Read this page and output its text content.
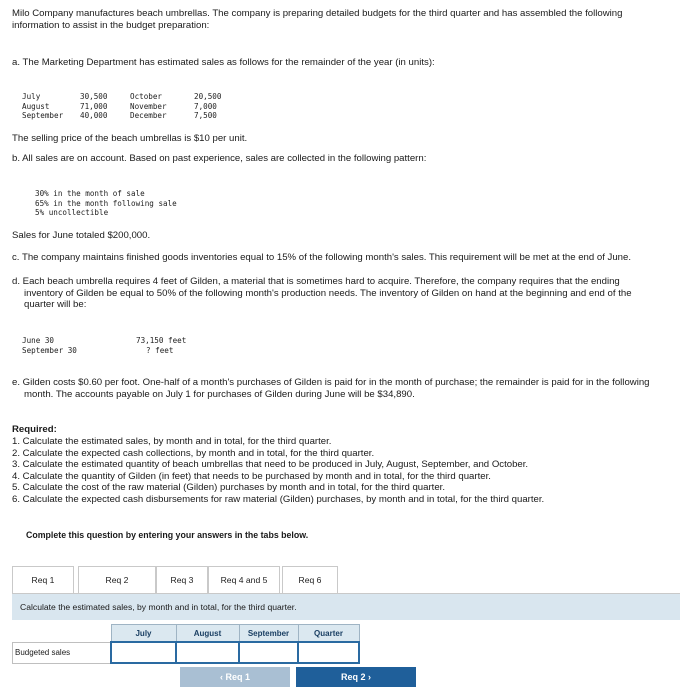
Milo Company manufactures beach umbrellas. The company is preparing detailed budgets for the third quarter and has assembled the following information to assist in the budget preparation:
a. The Marketing Department has estimated sales as follows for the remainder of the year (in units):
July	30,500
August	71,000
September 40,000
October	20,500
November	7,000
December	7,500
The selling price of the beach umbrellas is $10 per unit.
b. All sales are on account. Based on past experience, sales are collected in the following pattern:
30% in the month of sale
65% in the month following sale
5% uncollectible
Sales for June totaled $200,000.
c. The company maintains finished goods inventories equal to 15% of the following month's sales. This requirement will be met at the end of June.
d. Each beach umbrella requires 4 feet of Gilden, a material that is sometimes hard to acquire. Therefore, the company requires that the ending inventory of Gilden be equal to 50% of the following month's production needs. The inventory of Gilden on hand at the beginning and end of the quarter will be:
June 30	73,150 feet
September 30	? feet
e. Gilden costs $0.60 per foot. One-half of a month's purchases of Gilden is paid for in the month of purchase; the remainder is paid for in the following month. The accounts payable on July 1 for purchases of Gilden during June will be $34,890.
Required:
1. Calculate the estimated sales, by month and in total, for the third quarter.
2. Calculate the expected cash collections, by month and in total, for the third quarter.
3. Calculate the estimated quantity of beach umbrellas that need to be produced in July, August, September, and October.
4. Calculate the quantity of Gilden (in feet) that needs to be purchased by month and in total, for the third quarter.
5. Calculate the cost of the raw material (Gilden) purchases by month and in total, for the third quarter.
6. Calculate the expected cash disbursements for raw material (Gilden) purchases, by month and in total, for the third quarter.
Complete this question by entering your answers in the tabs below.
Req 1	Req 2	Req 3	Req 4 and 5	Req 6
Calculate the estimated sales, by month and in total, for the third quarter.
	July	August	September	Quarter
Budgeted sales				
‹ Req 1	Req 2 ›
